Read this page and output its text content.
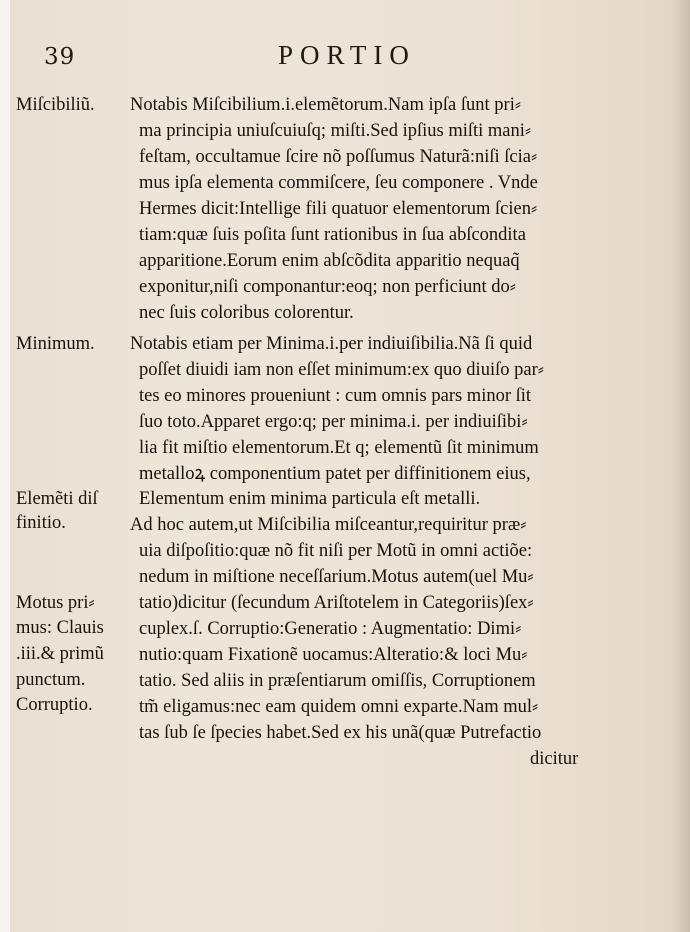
39	PORTIO
Miſcibiliũ.
Minimum.
Elemẽti diſ
finitio.
Motus pri⸗
mus: Clauis
.iii.& primũ
punctum.
Corruptio.
Notabis Miſcibilium.i.elemẽtorum.Nam ipſa ſunt pri⸗
ma principia uniuſcuiuſq; miſti.Sed ipſius miſti mani⸗
feſtam, occultamue ſcire nõ poſſumus Naturã:niſi ſcia⸗
mus ipſa elementa commiſcere, ſeu componere . Vnde
Hermes dicit:Intellige fili quatuor elementorum ſcien⸗
tiam:quæ ſuis poſita ſunt rationibus in ſua abſcondita
apparitione.Eorum enim abſcõdita apparitio nequaq̃
exponitur,niſi componantur:eoq; non perficiunt do⸗
nec ſuis coloribus colorentur.
Notabis etiam per Minima.i.per indiuiſibilia.Nã ſi quid
poſſet diuidi iam non eſſet minimum:ex quo diuiſo par⸗
tes eo minores proueniunt : cum omnis pars minor ſit
ſuo toto.Apparet ergo:q; per minima.i. per indiuiſibi⸗
lia fit miſtio elementorum.Et q; elementũ ſit minimum
metalloꝝ componentium patet per diffinitionem eius,
Elementum enim minima particula eſt metalli.
Ad hoc autem,ut Miſcibilia miſceantur,requiritur præ⸗
uia diſpoſitio:quæ nõ fit niſi per Motũ in omni actiõe:
nedum in miſtione neceſſarium.Motus autem(uel Mu⸗
tatio)dicitur (ſecundum Ariſtotelem in Categoriis)ſex⸗
cuplex.ſ. Corruptio:Generatio : Augmentatio: Dimi⸗
nutio:quam Fixationẽ uocamus:Alteratio:& loci Mu⸗
tatio. Sed aliis in præſentiarum omiſſis, Corruptionem
tm̃ eligamus:nec eam quidem omni exparte.Nam mul⸗
tas ſub ſe ſpecies habet.Sed ex his unã(quæ Putrefactio
dicitur
